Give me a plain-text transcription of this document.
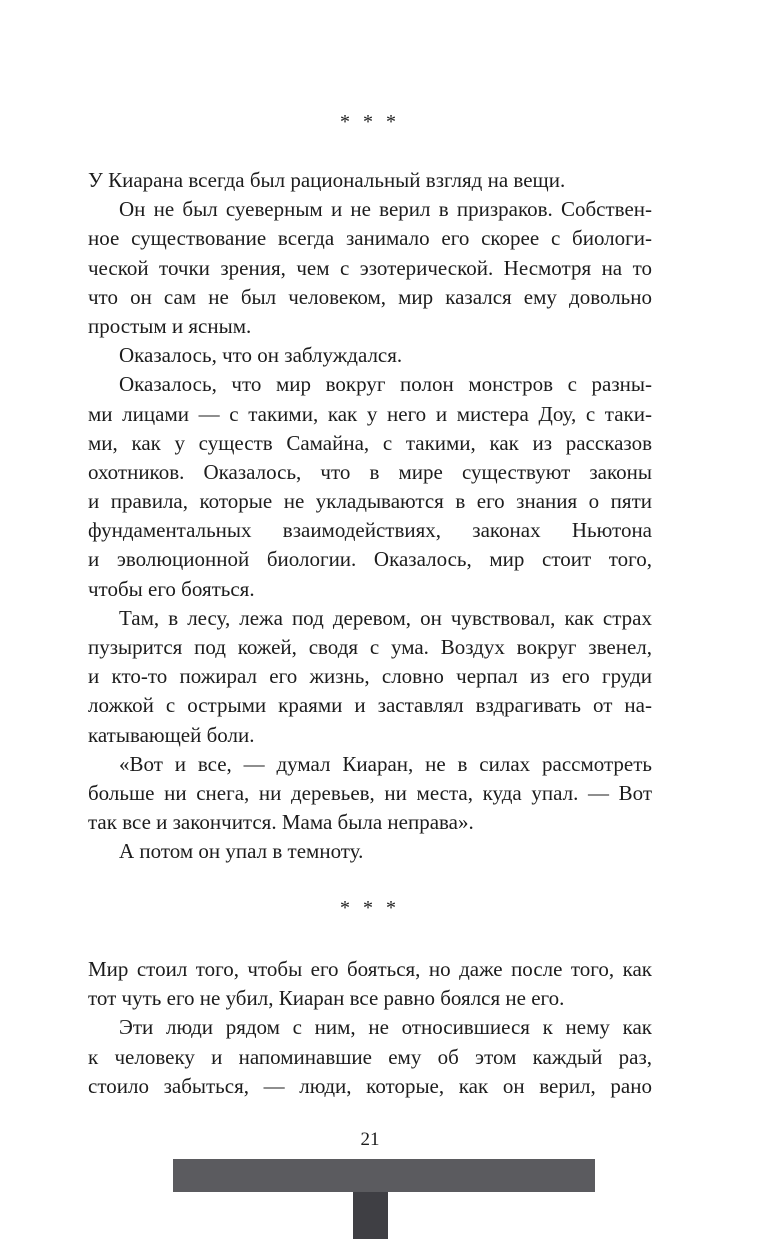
* * *
У Киарана всегда был рациональный взгляд на вещи.
Он не был суеверным и не верил в призраков. Собствен-
ное существование всегда занимало его скорее с биологи-
ческой точки зрения, чем с эзотерической. Несмотря на то
что он сам не был человеком, мир казался ему довольно
простым и ясным.
Оказалось, что он заблуждался.
Оказалось, что мир вокруг полон монстров с разны-
ми лицами — с такими, как у него и мистера Доу, с таки-
ми, как у существ Самайна, с такими, как из рассказов
охотников. Оказалось, что в мире существуют законы
и правила, которые не укладываются в его знания о пяти
фундаментальных взаимодействиях, законах Ньютона
и эволюционной биологии. Оказалось, мир стоит того,
чтобы его бояться.
Там, в лесу, лежа под деревом, он чувствовал, как страх
пузырится под кожей, сводя с ума. Воздух вокруг звенел,
и кто-то пожирал его жизнь, словно черпал из его груди
ложкой с острыми краями и заставлял вздрагивать от на-
катывающей боли.
«Вот и все, — думал Киаран, не в силах рассмотреть
больше ни снега, ни деревьев, ни места, куда упал. — Вот
так все и закончится. Мама была неправа».
А потом он упал в темноту.
* * *
Мир стоил того, чтобы его бояться, но даже после того, как
тот чуть его не убил, Киаран все равно боялся не его.
Эти люди рядом с ним, не относившиеся к нему как
к человеку и напоминавшие ему об этом каждый раз,
стоило забыться, — люди, которые, как он верил, рано
21
